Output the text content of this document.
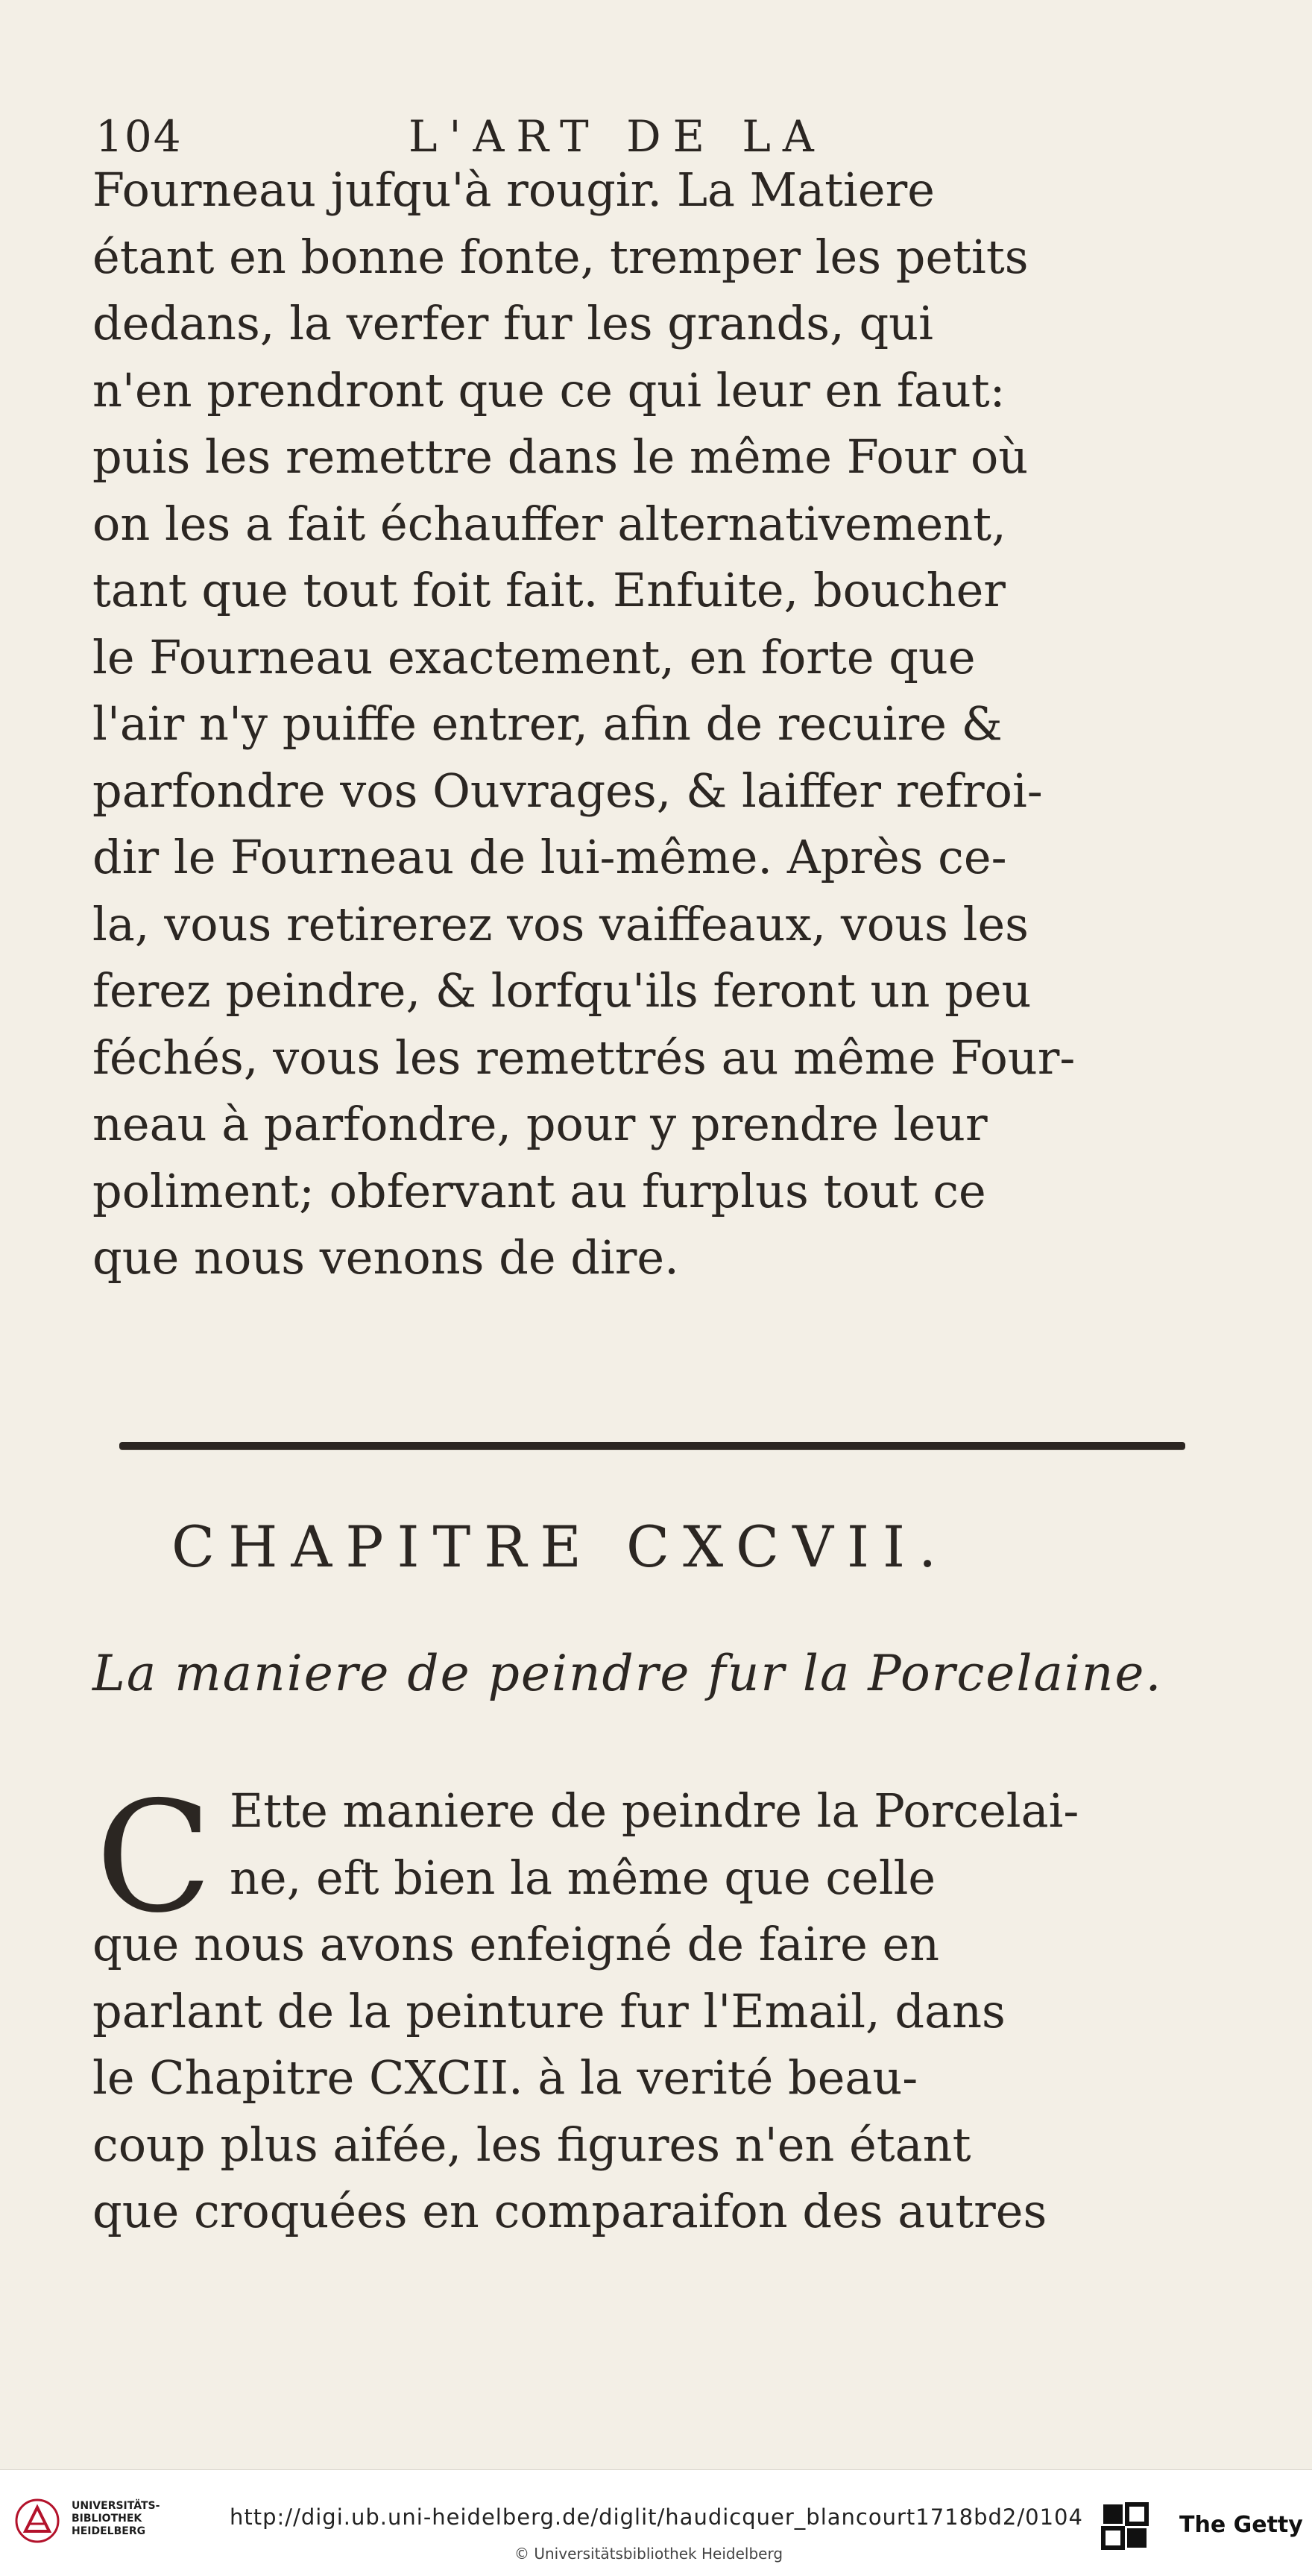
104	L'ART DE LA
Fourneau jufqu'à rougir. La Matiere
étant en bonne fonte, tremper les petits
dedans, la verfer fur les grands, qui
n'en prendront que ce qui leur en faut:
puis les remettre dans le même Four où
on les a fait échauffer alternativement,
tant que tout foit fait. Enfuite, boucher
le Fourneau exactement, en forte que
l'air n'y puiffe entrer, afin de recuire &
parfondre vos Ouvrages, & laiffer refroi-
dir le Fourneau de lui-même. Après ce-
la, vous retirerez vos vaiffeaux, vous les
ferez peindre, & lorfqu'ils feront un peu
féchés, vous les remettrés au même Four-
neau à parfondre, pour y prendre leur
poliment; obfervant au furplus tout ce
que nous venons de dire.
CHAPITRE CXCVII.
La maniere de peindre fur la Porcelaine.
C Ette maniere de peindre la Porcelai-
ne, eft bien la même que celle
que nous avons enfeigné de faire en
parlant de la peinture fur l'Email, dans
le Chapitre CXCII. à la verité beau-
coup plus aifée, les figures n'en étant
que croquées en comparaifon des autres
UNIVERSITÄTS-
BIBLIOTHEK
HEIDELBERG
http://digi.ub.uni-heidelberg.de/diglit/haudicquer_blancourt1718bd2/0104
© Universitätsbibliothek Heidelberg
The Getty
